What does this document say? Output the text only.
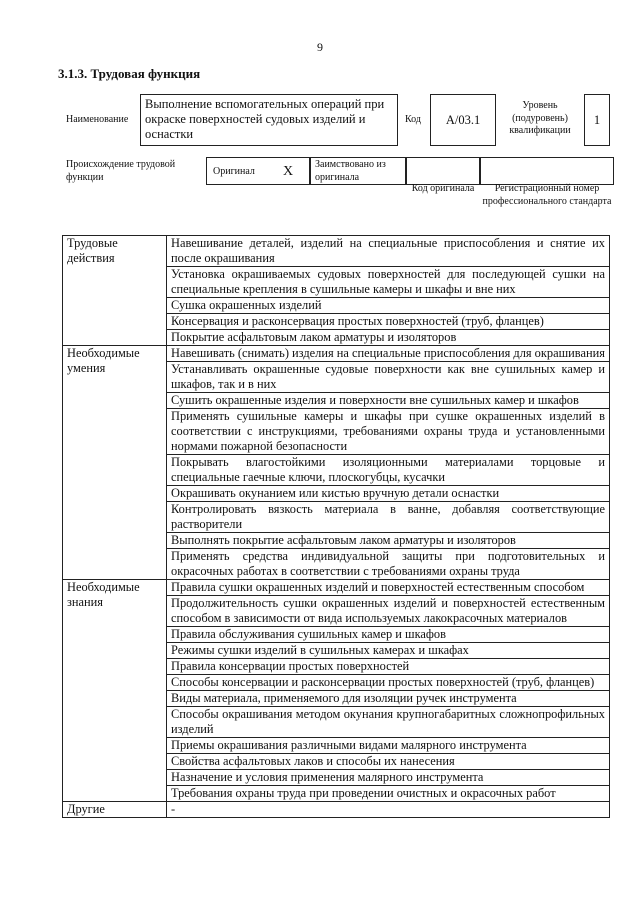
9
3.1.3. Трудовая функция
Наименование
Выполнение вспомогательных операций при окраске поверхностей судовых изделий и оснастки
Код	А/03.1
Уровень (подуровень) квалификации
1
Происхождение трудовой функции	Оригинал X Заимствовано из оригинала
Код оригинала	Регистрационный номер профессионального стандарта
Трудовые действия	Навешивание деталей, изделий на специальные приспособления и снятие их после окрашивания
	Установка окрашиваемых судовых поверхностей для последующей сушки на специальные крепления в сушильные камеры и шкафы и вне них
	Сушка окрашенных изделий
	Консервация и расконсервация простых поверхностей (труб, фланцев)
	Покрытие асфальтовым лаком арматуры и изоляторов
Необходимые умения	Навешивать (снимать) изделия на специальные приспособления для окрашивания
	Устанавливать окрашенные судовые поверхности как вне сушильных камер и шкафов, так и в них
	Сушить окрашенные изделия и поверхности вне сушильных камер и шкафов
	Применять сушильные камеры и шкафы при сушке окрашенных изделий в соответствии с инструкциями, требованиями охраны труда и установленными нормами пожарной безопасности
	Покрывать влагостойкими изоляционными материалами торцовые и специальные гаечные ключи, плоскогубцы, кусачки
	Окрашивать окунанием или кистью вручную детали оснастки
	Контролировать вязкость материала в ванне, добавляя соответствующие растворители
	Выполнять покрытие асфальтовым лаком арматуры и изоляторов
	Применять средства индивидуальной защиты при подготовительных и окрасочных работах в соответствии с требованиями охраны труда
Необходимые знания	Правила сушки окрашенных изделий и поверхностей естественным способом
	Продолжительность сушки окрашенных изделий и поверхностей естественным способом в зависимости от вида используемых лакокрасочных материалов
	Правила обслуживания сушильных камер и шкафов
	Режимы сушки изделий в сушильных камерах и шкафах
	Правила консервации простых поверхностей
	Способы консервации и расконсервации простых поверхностей (труб, фланцев)
	Виды материала, применяемого для изоляции ручек инструмента
	Способы окрашивания методом окунания крупногабаритных сложнопрофильных изделий
	Приемы окрашивания различными видами малярного инструмента
	Свойства асфальтовых лаков и способы их нанесения
	Назначение и условия применения малярного инструмента
	Требования охраны труда при проведении очистных и окрасочных работ
Другие	-
